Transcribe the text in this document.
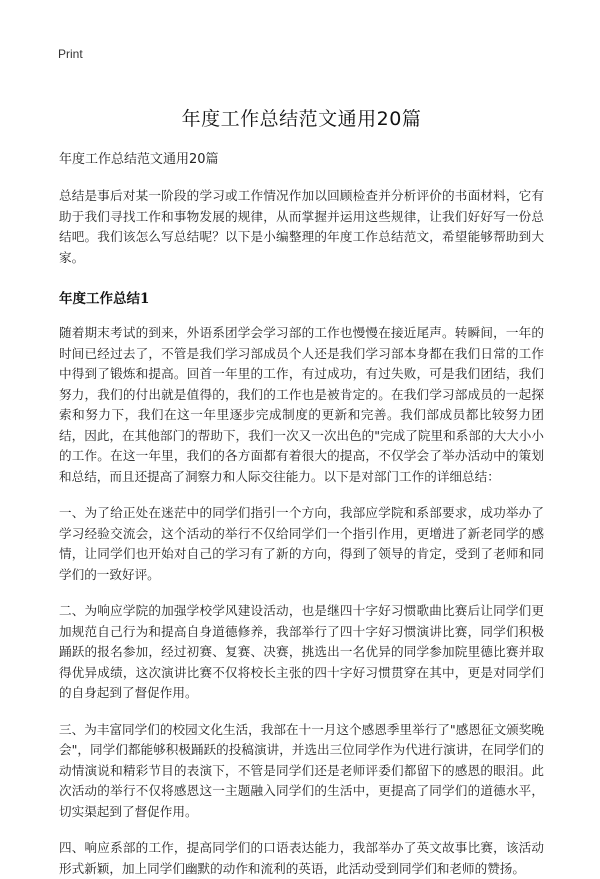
Print
年度工作总结范文通用20篇

年度工作总结范文通用20篇

总结是事后对某一阶段的学习或工作情况作加以回顾检查并分析评价的书面材料，它有助于我们寻找工作和事物发展的规律，从而掌握并运用这些规律，让我们好好写一份总结吧。我们该怎么写总结呢？以下是小编整理的年度工作总结范文，希望能够帮助到大家。

年度工作总结1

随着期末考试的到来，外语系团学会学习部的工作也慢慢在接近尾声。转瞬间，一年的时间已经过去了，不管是我们学习部成员个人还是我们学习部本身都在我们日常的工作中得到了锻炼和提高。回首一年里的工作，有过成功，有过失败，可是我们团结，我们努力，我们的付出就是值得的，我们的工作也是被肯定的。在我们学习部成员的一起探索和努力下，我们在这一年里逐步完成制度的更新和完善。我们部成员都比较努力团结，因此，在其他部门的帮助下，我们一次又一次出色的"完成了院里和系部的大大小小的工作。在这一年里，我们的各方面都有着很大的提高，不仅学会了举办活动中的策划和总结，而且还提高了洞察力和人际交往能力。以下是对部门工作的详细总结：

一、为了给正处在迷茫中的同学们指引一个方向，我部应学院和系部要求，成功举办了学习经验交流会，这个活动的举行不仅给同学们一个指引作用，更增进了新老同学的感情，让同学们也开始对自己的学习有了新的方向，得到了领导的肯定，受到了老师和同学们的一致好评。

二、为响应学院的加强学校学风建设活动，也是继四十字好习惯歌曲比赛后让同学们更加规范自己行为和提高自身道德修养，我部举行了四十字好习惯演讲比赛，同学们积极踊跃的报名参加，经过初赛、复赛、决赛，挑选出一名优异的同学参加院里德比赛并取得优异成绩，这次演讲比赛不仅将校长主张的四十字好习惯贯穿在其中，更是对同学们的自身起到了督促作用。

三、为丰富同学们的校园文化生活，我部在十一月这个感恩季里举行了"感恩征文颁奖晚会"，同学们都能够积极踊跃的投稿演讲，并选出三位同学作为代进行演讲，在同学们的动情演说和精彩节目的表演下，不管是同学们还是老师评委们都留下的感恩的眼泪。此次活动的举行不仅将感恩这一主题融入同学们的生活中，更提高了同学们的道德水平，切实渠起到了督促作用。

四、响应系部的工作，提高同学们的口语表达能力，我部举办了英文故事比赛，该活动形式新颖，加上同学们幽默的动作和流利的英语，此活动受到同学们和老师的赞扬。
